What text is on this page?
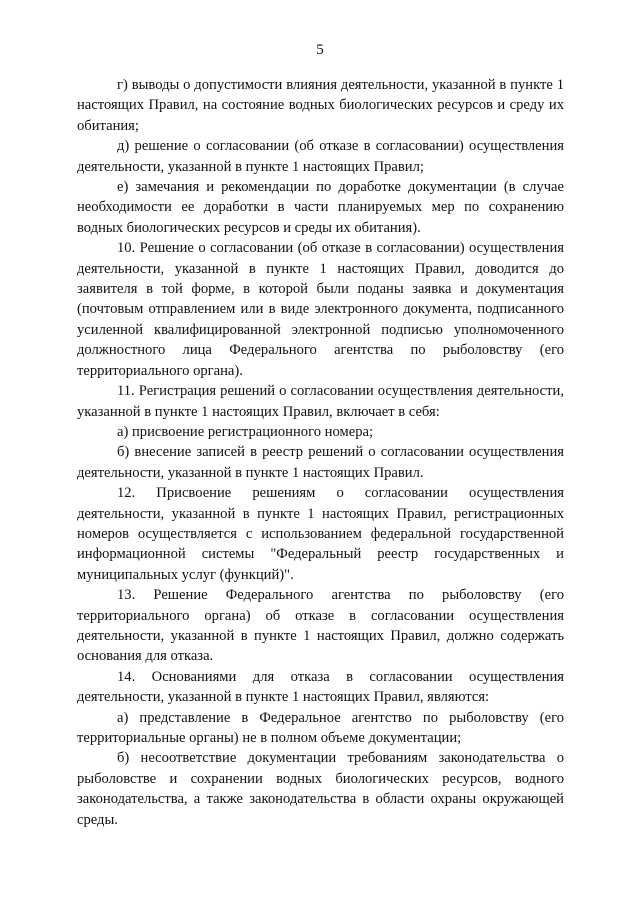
5

г) выводы о допустимости влияния деятельности, указанной в пункте 1 настоящих Правил, на состояние водных биологических ресурсов и среду их обитания;

д) решение о согласовании (об отказе в согласовании) осуществления деятельности, указанной в пункте 1 настоящих Правил;

е) замечания и рекомендации по доработке документации (в случае необходимости ее доработки в части планируемых мер по сохранению водных биологических ресурсов и среды их обитания).

10. Решение о согласовании (об отказе в согласовании) осуществления деятельности, указанной в пункте 1 настоящих Правил, доводится до заявителя в той форме, в которой были поданы заявка и документация (почтовым отправлением или в виде электронного документа, подписанного усиленной квалифицированной электронной подписью уполномоченного должностного лица Федерального агентства по рыболовству (его территориального органа).

11. Регистрация решений о согласовании осуществления деятельности, указанной в пункте 1 настоящих Правил, включает в себя:

а) присвоение регистрационного номера;

б) внесение записей в реестр решений о согласовании осуществления деятельности, указанной в пункте 1 настоящих Правил.

12. Присвоение решениям о согласовании осуществления деятельности, указанной в пункте 1 настоящих Правил, регистрационных номеров осуществляется с использованием федеральной государственной информационной системы "Федеральный реестр государственных и муниципальных услуг (функций)".

13. Решение Федерального агентства по рыболовству (его территориального органа) об отказе в согласовании осуществления деятельности, указанной в пункте 1 настоящих Правил, должно содержать основания для отказа.

14. Основаниями для отказа в согласовании осуществления деятельности, указанной в пункте 1 настоящих Правил, являются:

а) представление в Федеральное агентство по рыболовству (его территориальные органы) не в полном объеме документации;

б) несоответствие документации требованиям законодательства о рыболовстве и сохранении водных биологических ресурсов, водного законодательства, а также законодательства в области охраны окружающей среды.
